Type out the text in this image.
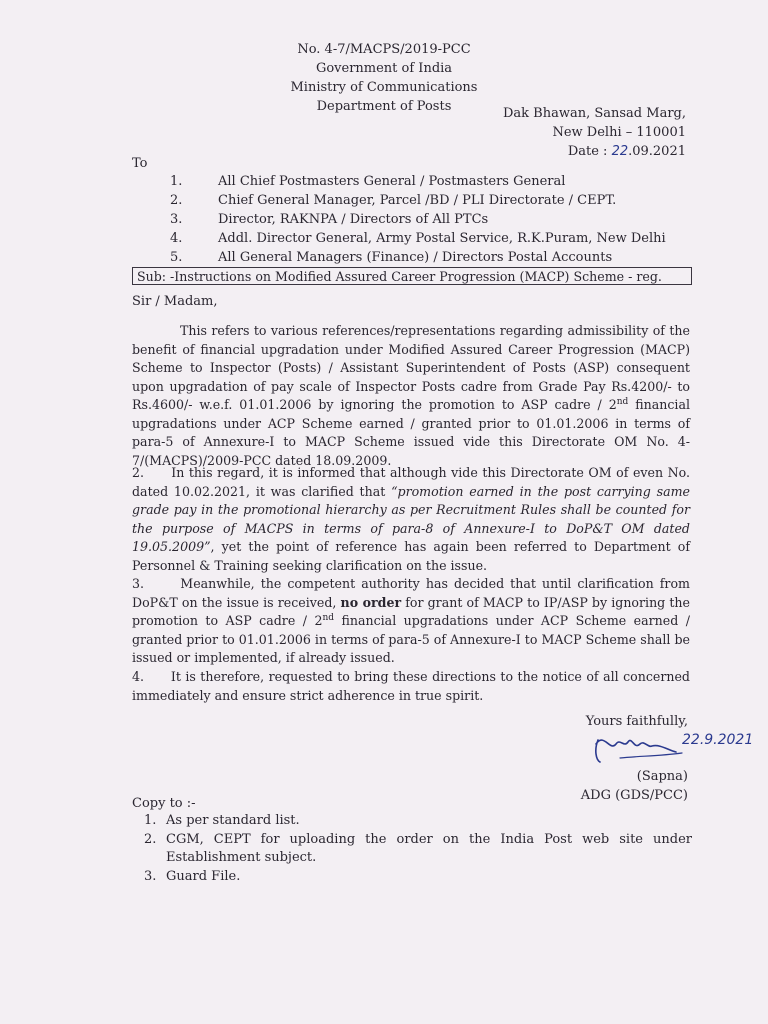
No. 4-7/MACPS/2019-PCC
Government of India
Ministry of Communications
Department of Posts	Dak Bhawan, Sansad Marg,
New Delhi – 110001
Date : 22.09.2021
To
1.	All Chief Postmasters General / Postmasters General
2.	Chief General Manager, Parcel /BD / PLI Directorate / CEPT.
3.	Director, RAKNPA / Directors of All PTCs
4.	Addl. Director General, Army Postal Service, R.K.Puram, New Delhi
5.	All General Managers (Finance) / Directors Postal Accounts
Sub: -Instructions on Modified Assured Career Progression (MACP) Scheme - reg.
Sir / Madam,

This refers to various references/representations regarding admissibility of the benefit of financial upgradation under Modified Assured Career Progression (MACP) Scheme to Inspector (Posts) / Assistant Superintendent of Posts (ASP) consequent upon upgradation of pay scale of Inspector Posts cadre from Grade Pay Rs.4200/- to Rs.4600/- w.e.f. 01.01.2006 by ignoring the promotion to ASP cadre / 2nd financial upgradations under ACP Scheme earned / granted prior to 01.01.2006 in terms of para-5 of Annexure-I to MACP Scheme issued vide this Directorate OM No. 4-7/(MACPS)/2009-PCC dated 18.09.2009.

2. In this regard, it is informed that although vide this Directorate OM of even No. dated 10.02.2021, it was clarified that “promotion earned in the post carrying same grade pay in the promotional hierarchy as per Recruitment Rules shall be counted for the purpose of MACPS in terms of para-8 of Annexure-I to DoP&T OM dated 19.05.2009”, yet the point of reference has again been referred to Department of Personnel & Training seeking clarification on the issue.

3.	Meanwhile, the competent authority has decided that until clarification from DoP&T on the issue is received, no order for grant of MACP to IP/ASP by ignoring the promotion to ASP cadre / 2nd financial upgradations under ACP Scheme earned / granted prior to 01.01.2006 in terms of para-5 of Annexure-I to MACP Scheme shall be issued or implemented, if already issued.

4. It is therefore, requested to bring these directions to the notice of all concerned immediately and ensure strict adherence in true spirit.

Yours faithfully,
(Sapna)
ADG (GDS/PCC)
22.9.2021
Copy to :-
1. As per standard list.
2. CGM, CEPT for uploading the order on the India Post web site under Establishment subject.
3. Guard File.
